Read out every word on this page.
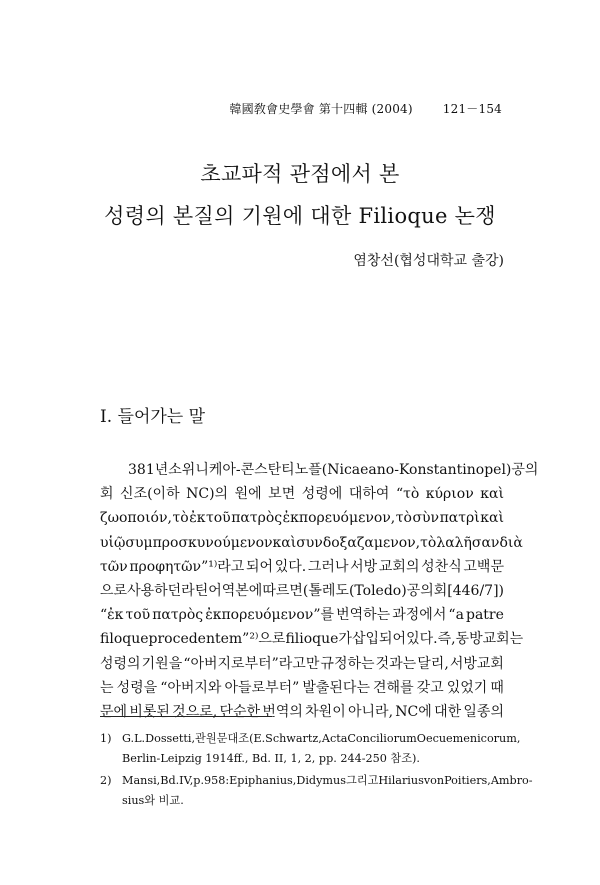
韓國敎會史學會 第十四輯 (2004)	121－154
초교파적 관점에서 본
성령의 본질의 기원에 대한 Filioque 논쟁
염창선(협성대학교 출강)
I. 들어가는 말
381년 소위 니케아-콘스탄티노플(Nicaeano-Konstantinopel) 공의
회 신조(이하 NC)의 원에 보면 성령에 대하여 “τὸ κύριον καὶ
ζωοποιόν, τὸ ἐκ τοῦ πατρὸς ἐκπορευόμενον, τὸ σὺν πατρὶ καὶ
υἱῷ συμπροσκυνούμενον καὶ συνδοξαζαμενον, τὸ λαλῆσαν διὰ
τῶν προφητῶν”¹⁾라고 되어 있다. 그러나 서방 교회의 성찬식 고백문
으로 사용하던 라틴어 역본에 따르면 (톨레도(Toledo) 공의회[446/7])
“ἐκ τοῦ πατρὸς ἐκπορευόμενον”를 번역하는 과정에서 “a patre
filoque procedentem”²⁾으로 filioque가 삽입되어 있다. 즉, 동방 교회는
성령의 기원을 “아버지로부터”라고만 규정하는 것과는 달리, 서방교회
는 성령을 “아버지와 아들로부터” 발출된다는 견해를 갖고 있었기 때
문에 비롯된 것으로, 단순한 번역의 차원이 아니라, NC에 대한 일종의
1) G. L. Dossetti, 관원문대조(E. Schwartz, Acta Conciliorum Oecuemenicorum,
Berlin-Leipzig 1914ff., Bd. II, 1, 2, pp. 244-250 참조).
2) Mansi, Bd. IV, p. 958: Epiphanius, Didymus 그리고 Hilarius von Poitiers, Ambro-
sius와 비교.
